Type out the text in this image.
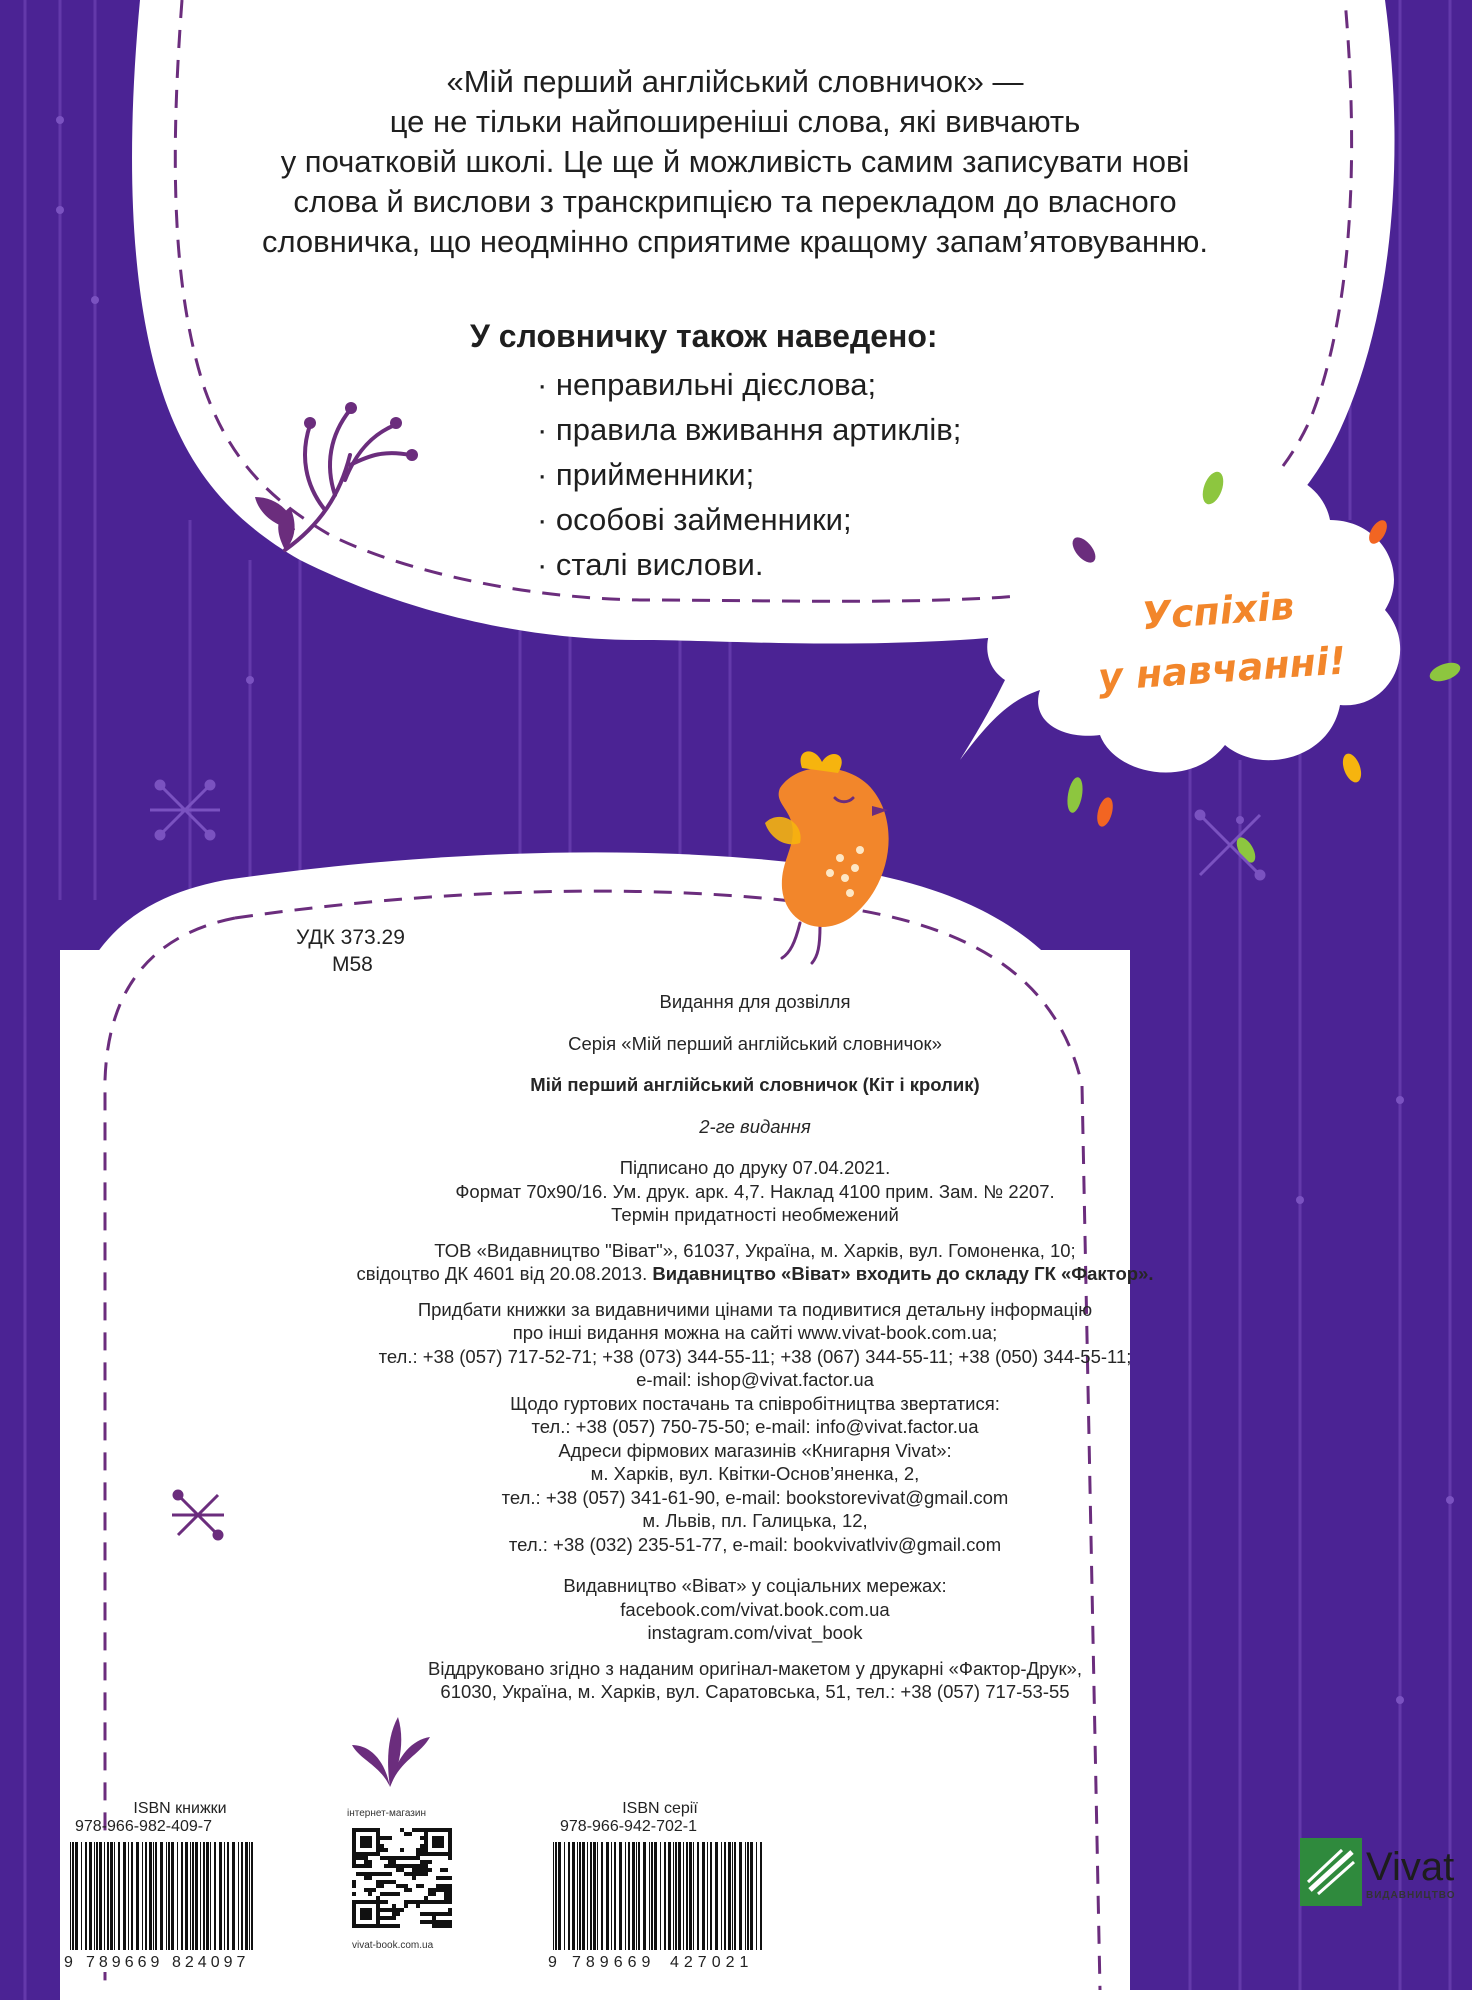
«Мій перший англійський словничок» —
це не тільки найпоширеніші слова, які вивчають
у початковій школі. Це ще й можливість самим записувати нові
слова й вислови з транскрипцією та перекладом до власного
словничка, що неодмінно сприятиме кращому запам’ятовуванню.
У словничку також наведено:
· неправильні дієслова;
· правила вживання артиклів;
· прийменники;
· особові займенники;
· сталі вислови.
Успіхів
у навчанні!
УДК 373.29
М58
Видання для дозвілля
Серія «Мій перший англійський словничок»
Мій перший англійський словничок (Кіт і кролик)
2-ге видання
Підписано до друку 07.04.2021.
Формат 70х90/16. Ум. друк. арк. 4,7. Наклад 4100 прим. Зам. № 2207.
Термін придатності необмежений
ТОВ «Видавництво "Віват"», 61037, Україна, м. Харків, вул. Гомоненка, 10;
свідоцтво ДК 4601 від 20.08.2013. Видавництво «Віват» входить до складу ГК «Фактор».
Придбати книжки за видавничими цінами та подивитися детальну інформацію
про інші видання можна на сайті www.vivat-book.com.ua;
тел.: +38 (057) 717-52-71; +38 (073) 344-55-11; +38 (067) 344-55-11; +38 (050) 344-55-11;
e-mail: ishop@vivat.factor.ua
Щодо гуртових постачань та співробітництва звертатися:
тел.: +38 (057) 750-75-50; e-mail: info@vivat.factor.ua
Адреси фірмових магазинів «Книгарня Vivat»:
м. Харків, вул. Квітки-Основ’яненка, 2,
тел.: +38 (057) 341-61-90, e-mail: bookstorevivat@gmail.com
м. Львів, пл. Галицька, 12,
тел.: +38 (032) 235-51-77, e-mail: bookvivatlviv@gmail.com
Видавництво «Віват» у соціальних мережах:
facebook.com/vivat.book.com.ua
instagram.com/vivat_book
Віддруковано згідно з наданим оригінал-макетом у друкарні «Фактор-Друк»,
61030, Україна, м. Харків, вул. Саратовська, 51, тел.: +38 (057) 717-53-55
ISBN книжки
978-966-982-409-7
9 789669 824097
інтернет-магазин
vivat-book.com.ua
ISBN серії
978-966-942-702-1
9 789669 427021
Vivat
ВИДАВНИЦТВО
